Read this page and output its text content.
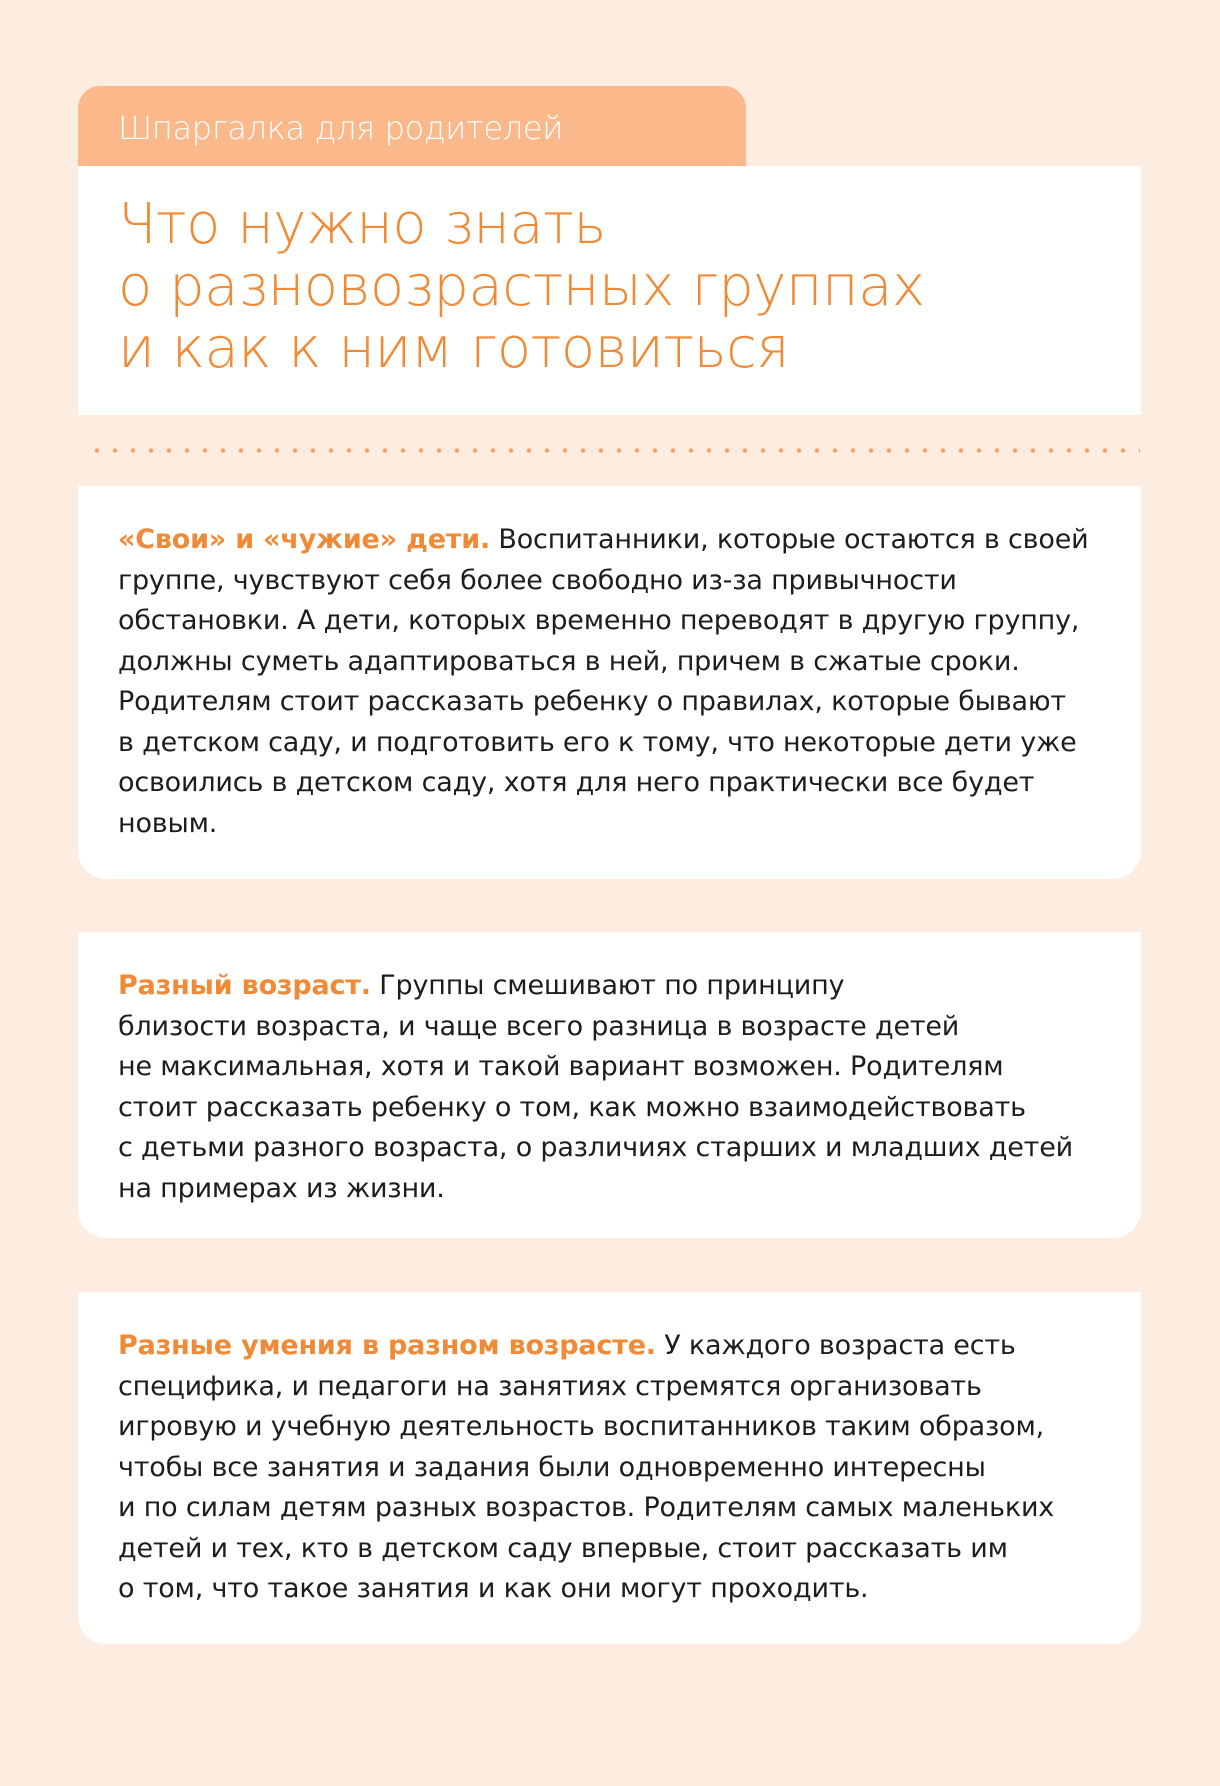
Шпаргалка для родителей
Что нужно знать
о разновозрастных группах
и как к ним готовиться

«Свои» и «чужие» дети. Воспитанники, которые остаются в своей
группе, чувствуют себя более свободно из-за привычности
обстановки. А дети, которых временно переводят в другую группу,
должны суметь адаптироваться в ней, причем в сжатые сроки.
Родителям стоит рассказать ребенку о правилах, которые бывают
в детском саду, и подготовить его к тому, что некоторые дети уже
освоились в детском саду, хотя для него практически все будет
новым.

Разный возраст. Группы смешивают по принципу
близости возраста, и чаще всего разница в возрасте детей
не максимальная, хотя и такой вариант возможен. Родителям
стоит рассказать ребенку о том, как можно взаимодействовать
с детьми разного возраста, о различиях старших и младших детей
на примерах из жизни.

Разные умения в разном возрасте. У каждого возраста есть
специфика, и педагоги на занятиях стремятся организовать
игровую и учебную деятельность воспитанников таким образом,
чтобы все занятия и задания были одновременно интересны
и по силам детям разных возрастов. Родителям самых маленьких
детей и тех, кто в детском саду впервые, стоит рассказать им
о том, что такое занятия и как они могут проходить.
